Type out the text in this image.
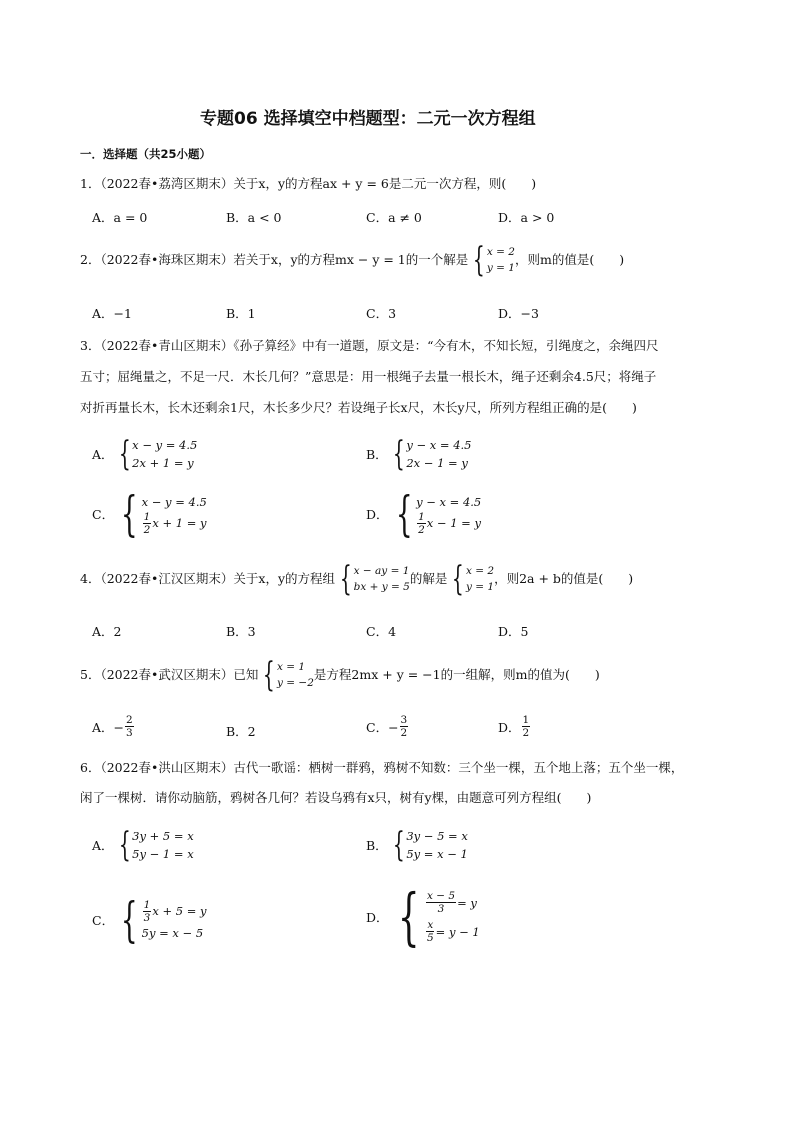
专题06 选择填空中档题型：二元一次方程组
一．选择题（共25小题）
1．（2022春•荔湾区期末）关于x，y的方程ax + y = 6是二元一次方程，则(　　)
A．a = 0	B．a < 0	C．a ≠ 0	D．a > 0
2．（2022春•海珠区期末）若关于x，y的方程mx − y = 1的一个解是 { x = 2
y = 1
，则m的值是(　　)
A．−1	B．1	C．3	D．−3
3．（2022春•青山区期末）《孙子算经》中有一道题，原文是：“今有木，不知长短，引绳度之，余绳四尺
五寸；屈绳量之，不足一尺．木长几何？”意思是：用一根绳子去量一根长木，绳子还剩余4.5尺；将绳子
对折再量长木，长木还剩余1尺，木长多少尺？若设绳子长x尺，木长y尺，所列方程组正确的是(　　)
A． { x − y = 4.5
2x + 1 = y
B． { y − x = 4.5
2x − 1 = y
C． { x − y = 4.5
$\frac{1}{2}$ x + 1 = y
D． { y − x = 4.5
$\frac{1}{2}$ x − 1 = y
4．（2022春•江汉区期末）关于x，y的方程组 { x − ay = 1
bx + y = 5
的解是 { x = 2
y = 1
，则2a + b的值是(　　)
A．2	B．3	C．4	D．5
5．（2022春•武汉区期末）已知 { x = 1
y = −2
是方程2mx + y = −1的一组解，则m的值为(　　)
A．− $\frac{2}{3}$	B．2	C．− $\frac{3}{2}$	D． $\frac{1}{2}$
6．（2022春•洪山区期末）古代一歌谣：栖树一群鸦，鸦树不知数：三个坐一棵，五个地上落；五个坐一棵，
闲了一棵树．请你动脑筋，鸦树各几何？若设乌鸦有x只，树有y棵，由题意可列方程组(　　)
A． { 3y + 5 = x
5y − 1 = x
B． { 3y − 5 = x
5y = x − 1
C． { $\frac{1}{3}$ x + 5 = y
5y = x − 5
D． { $\frac{x - 5}{3} = y$
$\frac{x}{5} = y - 1$
